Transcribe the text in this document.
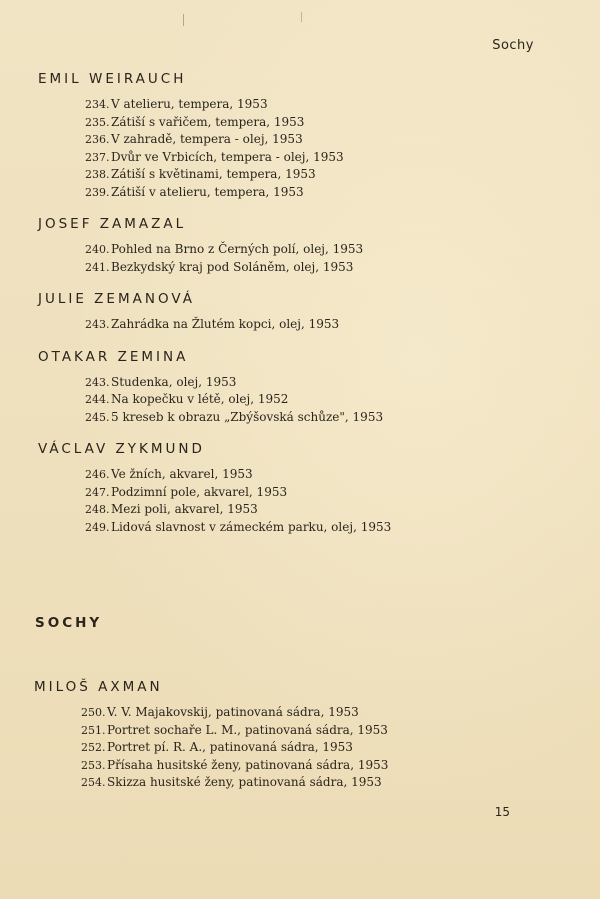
Sochy
EMIL WEIRAUCH
234. V atelieru, tempera, 1953
235. Zátiší s vařičem, tempera, 1953
236. V zahradě, tempera - olej, 1953
237. Dvůr ve Vrbicích, tempera - olej, 1953
238. Zátiší s květinami, tempera, 1953
239. Zátiší v atelieru, tempera, 1953
JOSEF ZAMAZAL
240. Pohled na Brno z Černých polí, olej, 1953
241. Bezkydský kraj pod Soláněm, olej, 1953
JULIE ZEMANOVÁ
243. Zahrádka na Žlutém kopci, olej, 1953
OTAKAR ZEMINA
243. Studenka, olej, 1953
244. Na kopečku v létě, olej, 1952
245. 5 kreseb k obrazu „Zbýšovská schůze", 1953
VÁCLAV ZYKMUND
246. Ve žních, akvarel, 1953
247. Podzimní pole, akvarel, 1953
248. Mezi poli, akvarel, 1953
249. Lidová slavnost v zámeckém parku, olej, 1953
SOCHY
MILOŠ AXMAN
250. V. V. Majakovskij, patinovaná sádra, 1953
251. Portret sochaře L. M., patinovaná sádra, 1953
252. Portret pí. R. A., patinovaná sádra, 1953
253. Přísaha husitské ženy, patinovaná sádra, 1953
254. Skizza husitské ženy, patinovaná sádra, 1953
15
